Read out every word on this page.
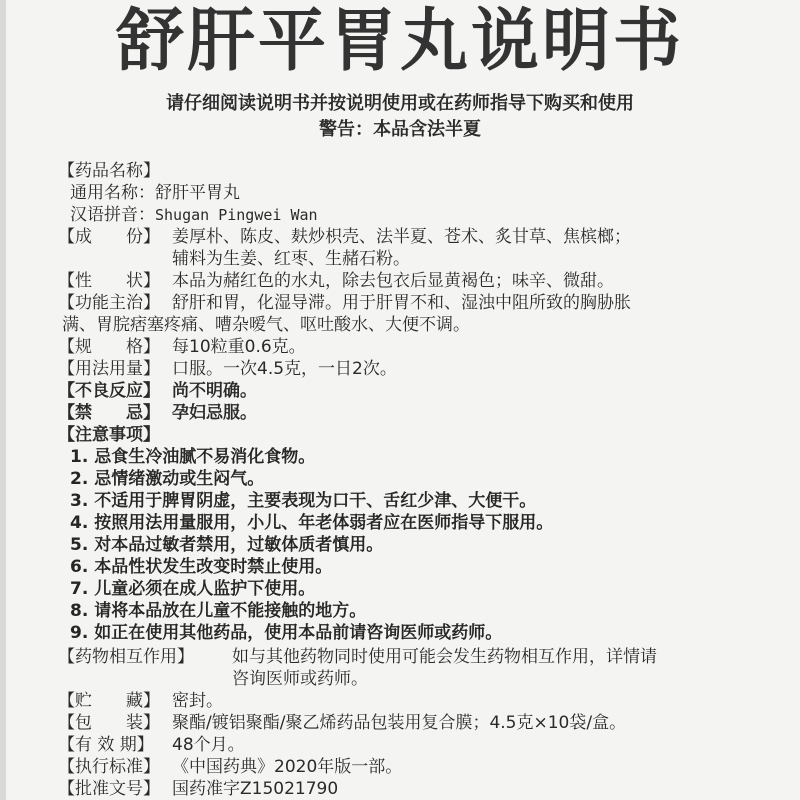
舒肝平胃丸说明书
请仔细阅读说明书并按说明使用或在药师指导下购买和使用
警告：本品含法半夏
【药品名称】
通用名称：舒肝平胃丸
汉语拼音：Shugan Pingwei Wan
【成　　份】 姜厚朴、陈皮、麸炒枳壳、法半夏、苍术、炙甘草、焦槟榔；
辅料为生姜、红枣、生赭石粉。
【性　　状】 本品为赭红色的水丸，除去包衣后显黄褐色；味辛、微甜。
【功能主治】 舒肝和胃，化湿导滞。用于肝胃不和、湿浊中阻所致的胸胁胀
满、胃脘痞塞疼痛、嘈杂嗳气、呕吐酸水、大便不调。
【规　　格】 每10粒重0.6克。
【用法用量】 口服。一次4.5克，一日2次。
【不良反应】 尚不明确。
【禁　　忌】 孕妇忌服。
【注意事项】
1. 忌食生冷油腻不易消化食物。
2. 忌情绪激动或生闷气。
3. 不适用于脾胃阴虚，主要表现为口干、舌红少津、大便干。
4. 按照用法用量服用，小儿、年老体弱者应在医师指导下服用。
5. 对本品过敏者禁用，过敏体质者慎用。
6. 本品性状发生改变时禁止使用。
7. 儿童必须在成人监护下使用。
8. 请将本品放在儿童不能接触的地方。
9. 如正在使用其他药品，使用本品前请咨询医师或药师。
【药物相互作用】 如与其他药物同时使用可能会发生药物相互作用，详情请
咨询医师或药师。
【贮　　藏】 密封。
【包　　装】 聚酯/镀铝聚酯/聚乙烯药品包装用复合膜；4.5克×10袋/盒。
【有 效 期】 48个月。
【执行标准】 《中国药典》2020年版一部。
【批准文号】 国药准字Z15021790
